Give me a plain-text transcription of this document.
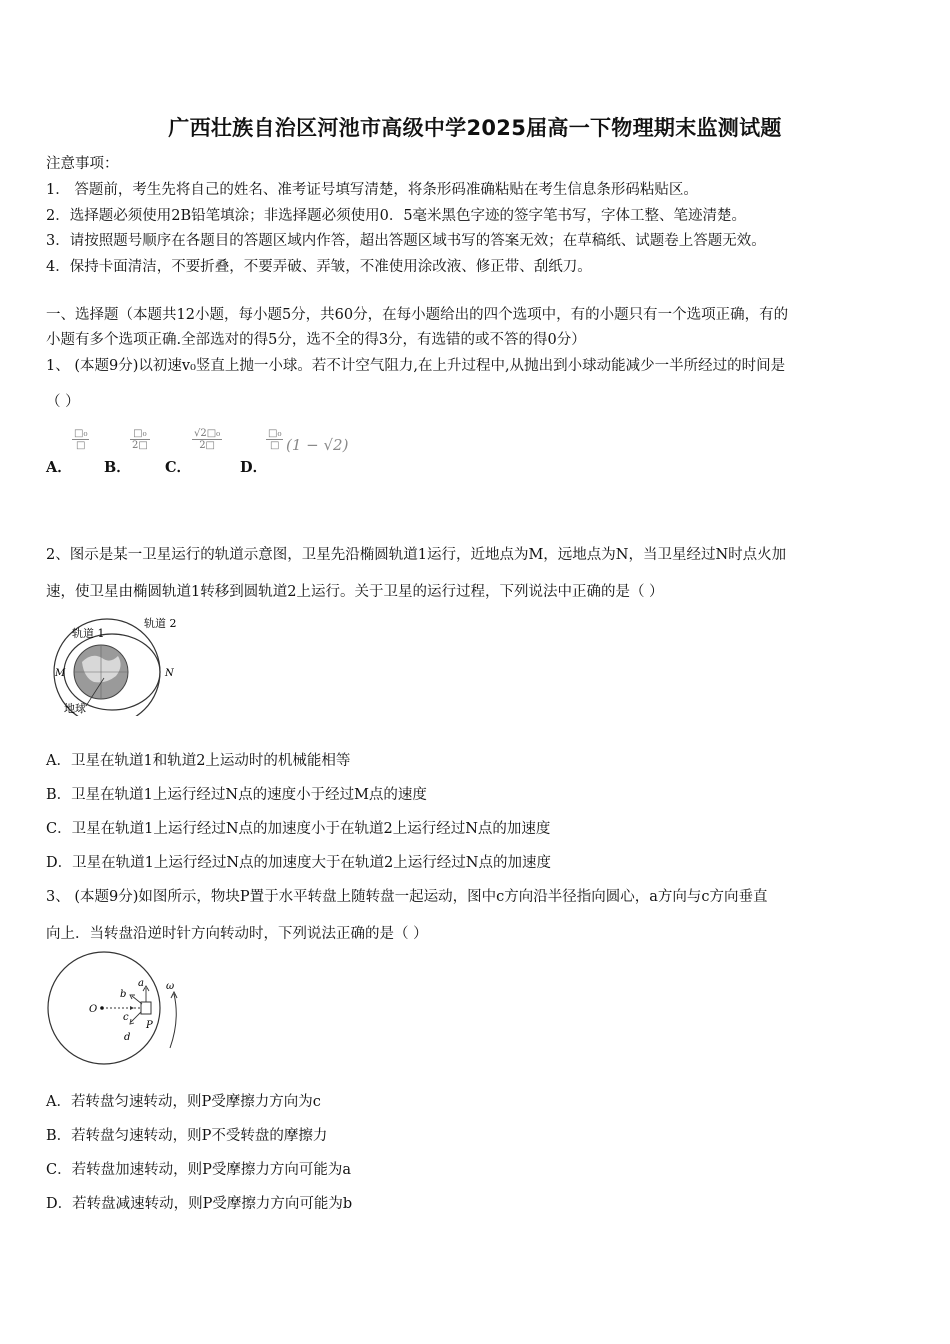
广西壮族自治区河池市高级中学2025届高一下物理期末监测试题
注意事项：
1． 答题前，考生先将自己的姓名、准考证号填写清楚，将条形码准确粘贴在考生信息条形码粘贴区。
2．选择题必须使用2B铅笔填涂；非选择题必须使用0．5毫米黑色字迹的签字笔书写，字体工整、笔迹清楚。
3．请按照题号顺序在各题目的答题区域内作答，超出答题区域书写的答案无效；在草稿纸、试题卷上答题无效。
4．保持卡面清洁，不要折叠，不要弄破、弄皱，不准使用涂改液、修正带、刮纸刀。
一、选择题（本题共12小题，每小题5分，共60分，在每小题给出的四个选项中，有的小题只有一个选项正确，有的
小题有多个选项正确.全部选对的得5分，选不全的得3分，有选错的或不答的得0分）
1、 (本题9分)以初速v₀竖直上抛一小球。若不计空气阻力,在上升过程中,从抛出到小球动能减少一半所经过的时间是
（ ）
A．
□₀
□
B．
□₀
2□
C．
$\frac{\text{√2□₀}}{2□}$
D．
□₀
□ (1 − √2)
2、图示是某一卫星运行的轨道示意图，卫星先沿椭圆轨道1运行，近地点为M，远地点为N，当卫星经过N时点火加
速，使卫星由椭圆轨道1转移到圆轨道2上运行。关于卫星的运行过程，下列说法中正确的是（ ）
轨道 1
轨道 2
M	N
地球
A．卫星在轨道1和轨道2上运动时的机械能相等
B．卫星在轨道1上运行经过N点的速度小于经过M点的速度
C．卫星在轨道1上运行经过N点的加速度小于在轨道2上运行经过N点的加速度
D．卫星在轨道1上运行经过N点的加速度大于在轨道2上运行经过N点的加速度
3、 (本题9分)如图所示，物块P置于水平转盘上随转盘一起运动，图中c方向沿半径指向圆心，a方向与c方向垂直
向上．当转盘沿逆时针方向转动时，下列说法正确的是（ ）
O
a
b
c
d
P
ω
A．若转盘匀速转动，则P受摩擦力方向为c
B．若转盘匀速转动，则P不受转盘的摩擦力
C．若转盘加速转动，则P受摩擦力方向可能为a
D．若转盘减速转动，则P受摩擦力方向可能为b
